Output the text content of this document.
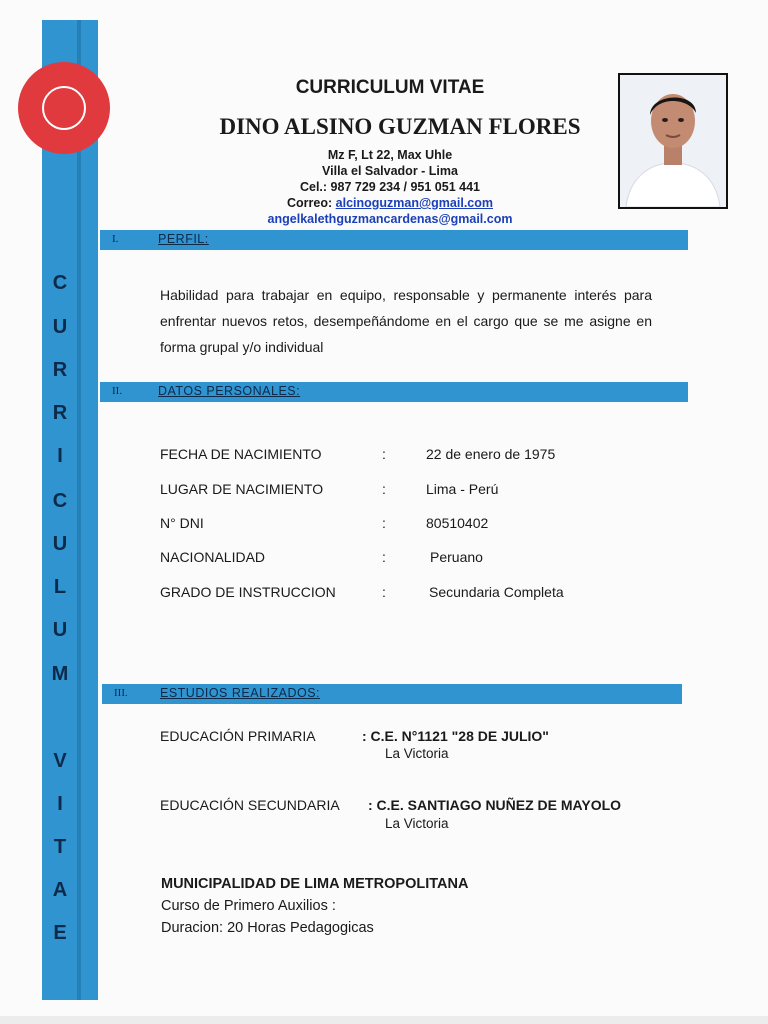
C
U
R
R
I
C
U
L
U
M
V
I
T
A
E
CURRICULUM VITAE
DINO ALSINO GUZMAN FLORES
Mz F, Lt 22, Max Uhle
Villa el Salvador - Lima
Cel.: 987 729 234 / 951 051 441
Correo: alcinoguzman@gmail.com
angelkalethguzmancardenas@gmail.com
I.	PERFIL:
Habilidad para trabajar en equipo, responsable y permanente interés para enfrentar nuevos retos, desempeñándome en el cargo que se me asigne en forma grupal y/o individual
II.	DATOS PERSONALES:
FECHA DE NACIMIENTO	:	22 de enero de 1975
LUGAR DE NACIMIENTO	:	Lima - Perú
N° DNI	:	80510402
NACIONALIDAD	:	Peruano
GRADO DE INSTRUCCION	:	Secundaria Completa
III.	ESTUDIOS REALIZADOS:
EDUCACIÓN PRIMARIA	: C.E. N°1121 "28 DE JULIO"
La Victoria
EDUCACIÓN SECUNDARIA : C.E. SANTIAGO NUÑEZ DE MAYOLO
La Victoria
MUNICIPALIDAD DE LIMA METROPOLITANA
Curso de Primero Auxilios :
Duracion: 20 Horas Pedagogicas
